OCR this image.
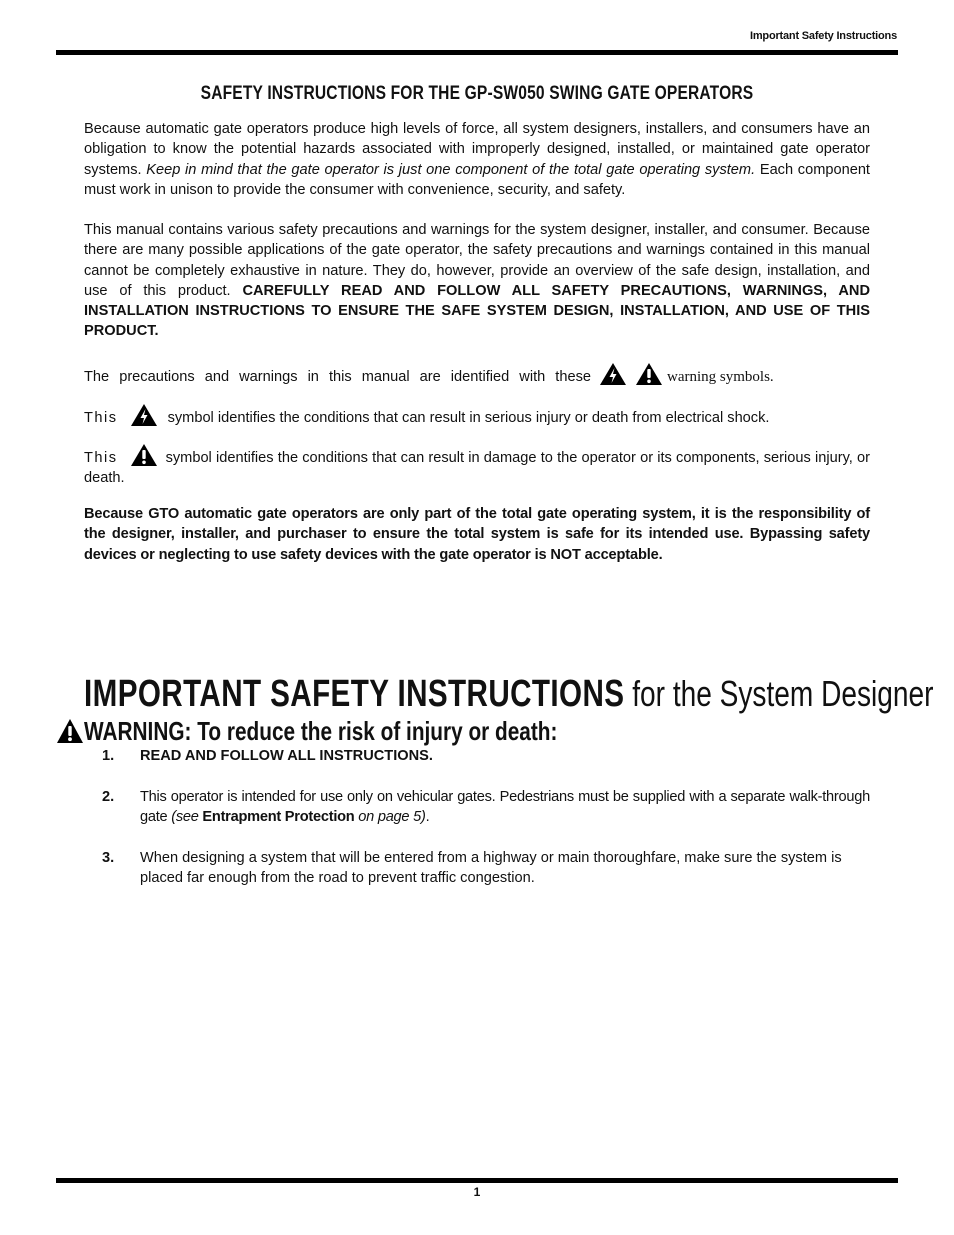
Important Safety Instructions
SAFETY INSTRUCTIONS FOR THE GP-SW050 SWING GATE OPERATORS

Because automatic gate operators produce high levels of force, all system designers, installers, and consumers have an obligation to know the potential hazards associated with improperly designed, installed, or maintained gate operator systems. Keep in mind that the gate operator is just one component of the total gate operating system. Each component must work in unison to provide the consumer with convenience, security, and safety.

This manual contains various safety precautions and warnings for the system designer, installer, and consumer. Because there are many possible applications of the gate operator, the safety precautions and warnings contained in this manual cannot be completely exhaustive in nature. They do, however, provide an overview of the safe design, installation, and use of this product. CAREFULLY READ AND FOLLOW ALL SAFETY PRECAUTIONS, WARNINGS, AND INSTALLATION INSTRUCTIONS TO ENSURE THE SAFE SYSTEM DESIGN, INSTALLATION, AND USE OF THIS PRODUCT.

The precautions and warnings in this manual are identified with these	warning symbols.

This	symbol identifies the conditions that can result in serious injury or death from electrical shock.

This	symbol identifies the conditions that can result in damage to the operator or its components, serious injury, or death.

Because GTO automatic gate operators are only part of the total gate operating system, it is the responsibility of the designer, installer, and purchaser to ensure the total system is safe for its intended use. Bypassing safety devices or neglecting to use safety devices with the gate operator is NOT acceptable.

IMPORTANT SAFETY INSTRUCTIONS for the System Designer
WARNING: To reduce the risk of injury or death:
1. READ AND FOLLOW ALL INSTRUCTIONS.
2. This operator is intended for use only on vehicular gates. Pedestrians must be supplied with a separate walk-through gate (see Entrapment Protection on page 5).
3. When designing a system that will be entered from a highway or main thoroughfare, make sure the system is placed far enough from the road to prevent traffic congestion.
1
